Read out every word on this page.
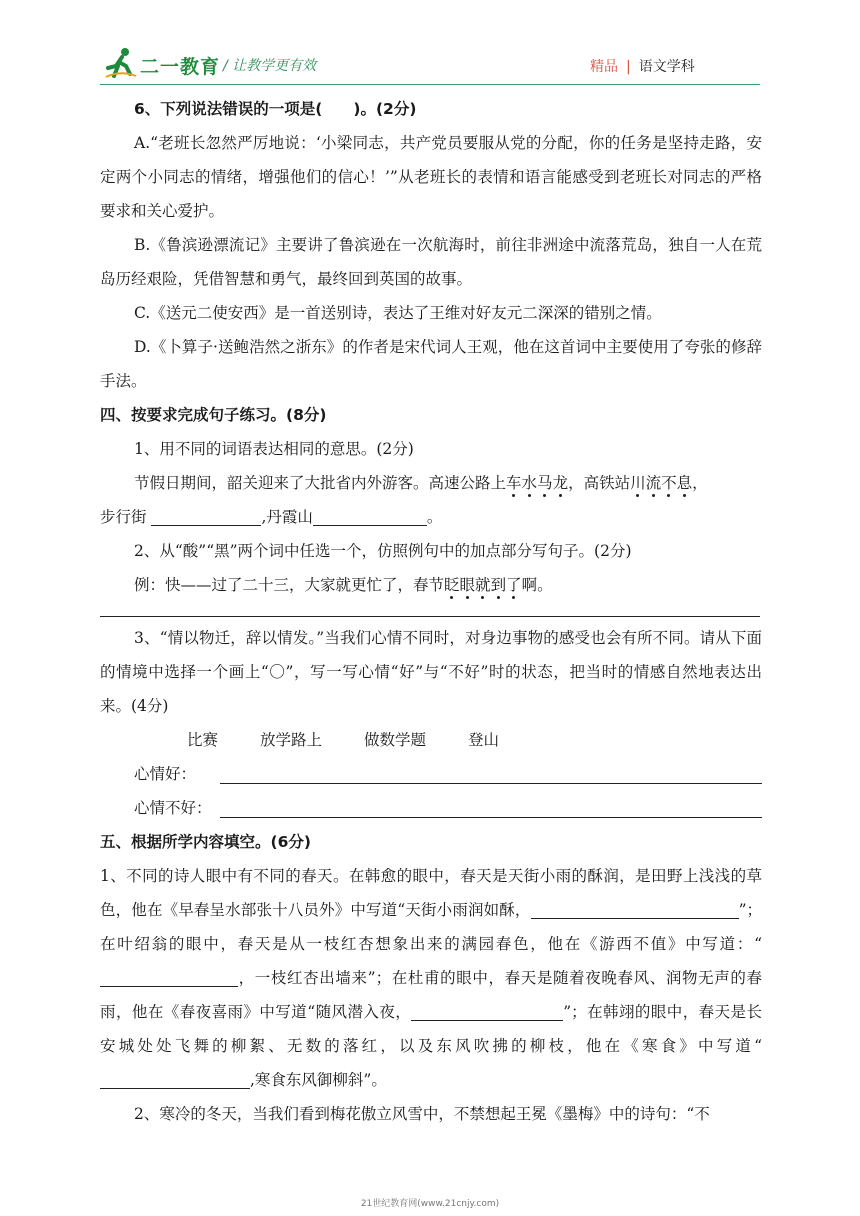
二一教育 / 让教学更有效	精品 | 语文学科

6、下列说法错误的一项是(　　)。(2分)

A.“老班长忽然严厉地说：‘小梁同志，共产党员要服从党的分配，你的任务是坚持走路，安定两个小同志的情绪，增强他们的信心！’”从老班长的表情和语言能感受到老班长对同志的严格要求和关心爱护。

B.《鲁滨逊漂流记》主要讲了鲁滨逊在一次航海时，前往非洲途中流落荒岛，独自一人在荒岛历经艰险，凭借智慧和勇气，最终回到英国的故事。

C.《送元二使安西》是一首送别诗，表达了王维对好友元二深深的错别之情。

D.《卜算子·送鲍浩然之浙东》的作者是宋代词人王观，他在这首词中主要使用了夸张的修辞手法。

四、按要求完成句子练习。(8分)

1、用不同的词语表达相同的意思。(2分)

节假日期间，韶关迎来了大批省内外游客。高速公路上车水马龙，高铁站川流不息，

步行街	,丹霞山	。

2、从“酸”“黑”两个词中任选一个，仿照例句中的加点部分写句子。(2分)

例：快——过了二十三，大家就更忙了，春节眨眼就到了啊。

3、“情以物迁，辞以情发。”当我们心情不同时，对身边事物的感受也会有所不同。请从下面的情境中选择一个画上“〇”，写一写心情“好”与“不好”时的状态，把当时的情感自然地表达出来。(4分)

比赛	放学路上	做数学题	登山

心情好：
心情不好：

五、根据所学内容填空。(6分)

1、不同的诗人眼中有不同的春天。在韩愈的眼中，春天是天街小雨的酥润，是田野上浅浅的草色，他在《早春呈水部张十八员外》中写道“天街小雨润如酥，	”；在叶绍翁的眼中，春天是从一枝红杏想象出来的满园春色，他在《游西不值》中写道：“，一枝红杏出墙来”；在杜甫的眼中，春天是随着夜晚春风、润物无声的春雨，他在《春夜喜雨》中写道“随风潜入夜，	”；在韩翊的眼中，春天是长安城处处飞舞的柳絮、无数的落红，以及东风吹拂的柳枝，他在《寒食》中写道“,寒食东风御柳斜”。

2、寒冷的冬天，当我们看到梅花傲立风雪中，不禁想起王冕《墨梅》中的诗句：“不

21世纪教育网(www.21cnjy.com)
